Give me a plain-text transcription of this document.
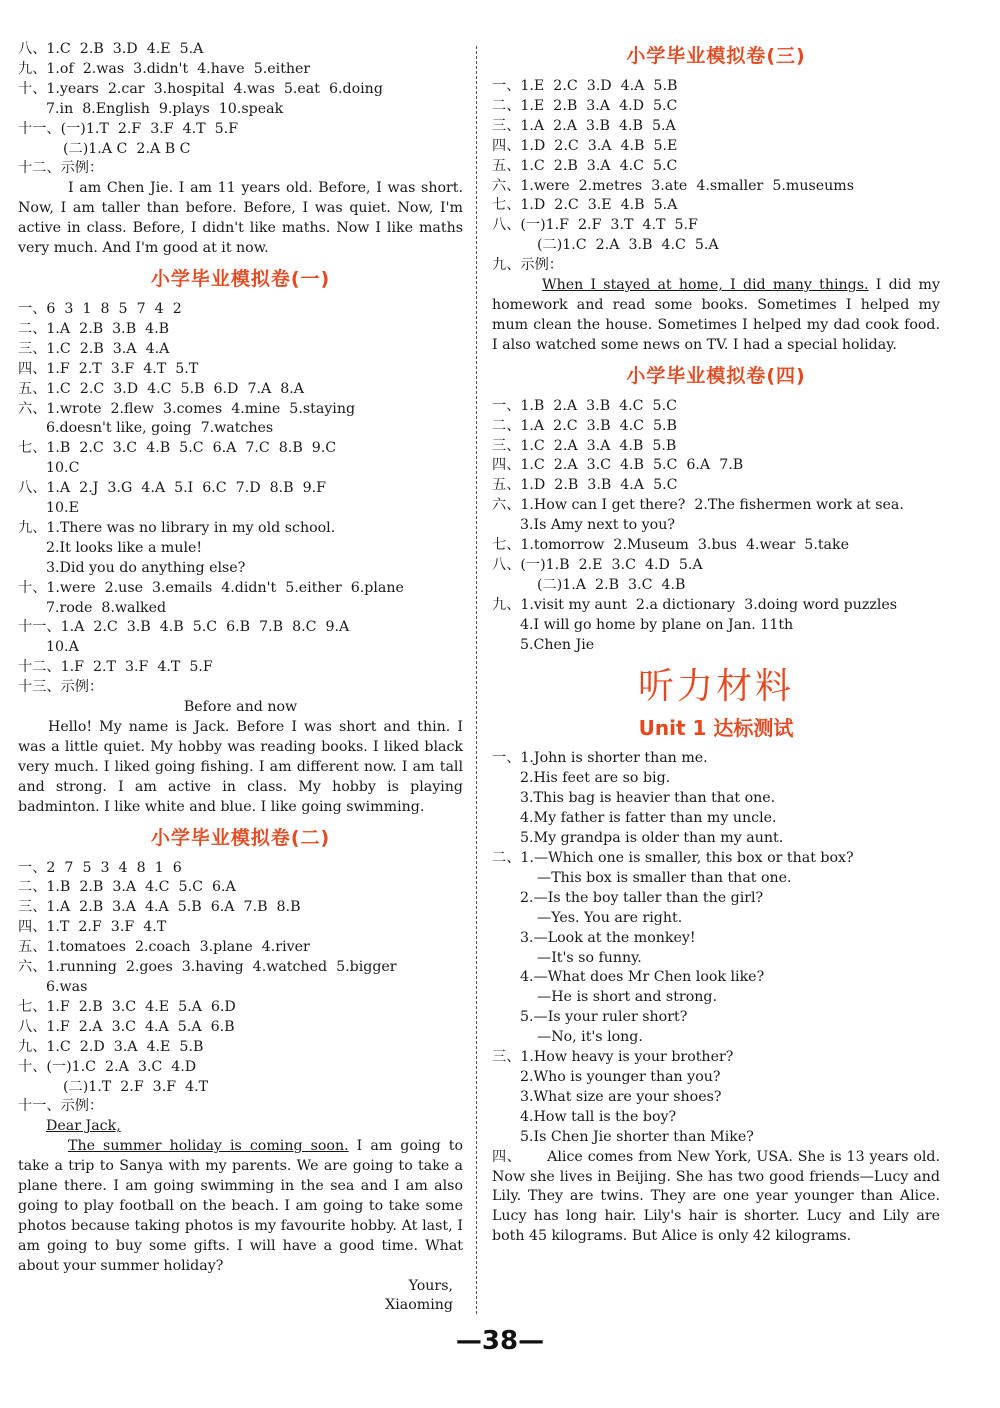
八、1.C  2.B  3.D  4.E  5.A

九、1.of  2.was  3.didn't  4.have  5.either

十、1.years  2.car  3.hospital  4.was  5.eat  6.doing

7.in  8.English  9.plays  10.speak

十一、(一)1.T  2.F  3.F  4.T  5.F

(二)1.A C  2.A B C

十二、示例：

I am Chen Jie. I am 11 years old. Before, I was short. Now, I am taller than before. Before, I was quiet. Now, I'm active in class. Before, I didn't like maths. Now I like maths very much. And I'm good at it now.

小学毕业模拟卷(一)

一、6  3  1  8  5  7  4  2

二、1.A  2.B  3.B  4.B

三、1.C  2.B  3.A  4.A

四、1.F  2.T  3.F  4.T  5.T

五、1.C  2.C  3.D  4.C  5.B  6.D  7.A  8.A

六、1.wrote  2.flew  3.comes  4.mine  5.staying

6.doesn't like, going  7.watches

七、1.B  2.C  3.C  4.B  5.C  6.A  7.C  8.B  9.C

10.C

八、1.A  2.J  3.G  4.A  5.I  6.C  7.D  8.B  9.F

10.E

九、1.There was no library in my old school.

2.It looks like a mule!

3.Did you do anything else?

十、1.were  2.use  3.emails  4.didn't  5.either  6.plane

7.rode  8.walked

十一、1.A  2.C  3.B  4.B  5.C  6.B  7.B  8.C  9.A

10.A

十二、1.F  2.T  3.F  4.T  5.F

十三、示例：

Before and now

Hello! My name is Jack. Before I was short and thin. I was a little quiet. My hobby was reading books. I liked black very much. I liked going fishing. I am different now. I am tall and strong. I am active in class. My hobby is playing badminton. I like white and blue. I like going swimming.

小学毕业模拟卷(二)

一、2  7  5  3  4  8  1  6

二、1.B  2.B  3.A  4.C  5.C  6.A

三、1.A  2.B  3.A  4.A  5.B  6.A  7.B  8.B

四、1.T  2.F  3.F  4.T

五、1.tomatoes  2.coach  3.plane  4.river

六、1.running  2.goes  3.having  4.watched  5.bigger

6.was

七、1.F  2.B  3.C  4.E  5.A  6.D

八、1.F  2.A  3.C  4.A  5.A  6.B

九、1.C  2.D  3.A  4.E  5.B

十、(一)1.C  2.A  3.C  4.D

(二)1.T  2.F  3.F  4.T

十一、示例：

Dear Jack,

The summer holiday is coming soon. I am going to take a trip to Sanya with my parents. We are going to take a plane there. I am going swimming in the sea and I am also going to play football on the beach. I am going to take some photos because taking photos is my favourite hobby. At last, I am going to buy some gifts. I will have a good time. What about your summer holiday?

Yours,

Xiaoming

小学毕业模拟卷(三)

一、1.E  2.C  3.D  4.A  5.B

二、1.E  2.B  3.A  4.D  5.C

三、1.A  2.A  3.B  4.B  5.A

四、1.D  2.C  3.A  4.B  5.E

五、1.C  2.B  3.A  4.C  5.C

六、1.were  2.metres  3.ate  4.smaller  5.museums

七、1.D  2.C  3.E  4.B  5.A

八、(一)1.F  2.F  3.T  4.T  5.F

(二)1.C  2.A  3.B  4.C  5.A

九、示例：

When I stayed at home, I did many things. I did my homework and read some books. Sometimes I helped my mum clean the house. Sometimes I helped my dad cook food. I also watched some news on TV. I had a special holiday.

小学毕业模拟卷(四)

一、1.B  2.A  3.B  4.C  5.C

二、1.A  2.C  3.B  4.C  5.B

三、1.C  2.A  3.A  4.B  5.B

四、1.C  2.A  3.C  4.B  5.C  6.A  7.B

五、1.D  2.B  3.B  4.A  5.C

六、1.How can I get there?  2.The fishermen work at sea.

3.Is Amy next to you?

七、1.tomorrow  2.Museum  3.bus  4.wear  5.take

八、(一)1.B  2.E  3.C  4.D  5.A

(二)1.A  2.B  3.C  4.B

九、1.visit my aunt  2.a dictionary  3.doing word puzzles

4.I will go home by plane on Jan. 11th

5.Chen Jie

听力材料
Unit 1 达标测试

一、1.John is shorter than me.

2.His feet are so big.

3.This bag is heavier than that one.

4.My father is fatter than my uncle.

5.My grandpa is older than my aunt.

二、1.—Which one is smaller, this box or that box?

—This box is smaller than that one.

2.—Is the boy taller than the girl?

—Yes. You are right.

3.—Look at the monkey!

—It's so funny.

4.—What does Mr Chen look like?

—He is short and strong.

5.—Is your ruler short?

—No, it's long.

三、1.How heavy is your brother?

2.Who is younger than you?

3.What size are your shoes?

4.How tall is the boy?

5.Is Chen Jie shorter than Mike?

四、 Alice comes from New York, USA. She is 13 years old. Now she lives in Beijing. She has two good friends—Lucy and Lily. They are twins. They are one year younger than Alice. Lucy has long hair. Lily's hair is shorter. Lucy and Lily are both 45 kilograms. But Alice is only 42 kilograms.

—38—
